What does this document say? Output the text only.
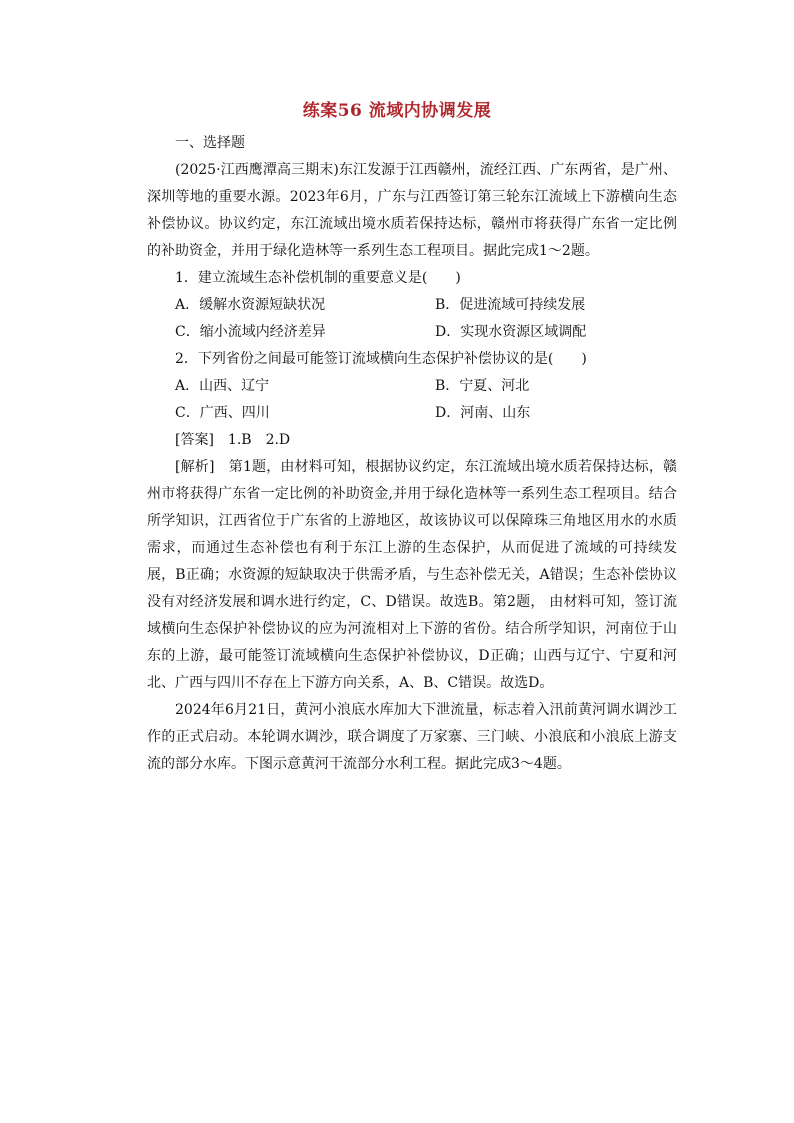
练案56 流域内协调发展
一、选择题
(2025·江西鹰潭高三期末)东江发源于江西赣州，流经江西、广东两省，是广州、深圳等地的重要水源。2023年6月，广东与江西签订第三轮东江流域上下游横向生态补偿协议。协议约定，东江流域出境水质若保持达标，赣州市将获得广东省一定比例的补助资金，并用于绿化造林等一系列生态工程项目。据此完成1～2题。
1．建立流域生态补偿机制的重要意义是(　　)
A．缓解水资源短缺状况	B．促进流域可持续发展
C．缩小流域内经济差异	D．实现水资源区域调配
2．下列省份之间最可能签订流域横向生态保护补偿协议的是(　　)
A．山西、辽宁	B．宁夏、河北
C．广西、四川	D．河南、山东
[答案]　1.B　2.D
[解析]　第1题，由材料可知，根据协议约定，东江流域出境水质若保持达标，赣州市将获得广东省一定比例的补助资金,并用于绿化造林等一系列生态工程项目。结合所学知识，江西省位于广东省的上游地区，故该协议可以保障珠三角地区用水的水质需求，而通过生态补偿也有利于东江上游的生态保护，从而促进了流域的可持续发展，B正确；水资源的短缺取决于供需矛盾，与生态补偿无关，A错误；生态补偿协议没有对经济发展和调水进行约定，C、D错误。故选B。第2题， 由材料可知，签订流域横向生态保护补偿协议的应为河流相对上下游的省份。结合所学知识，河南位于山东的上游，最可能签订流域横向生态保护补偿协议，D正确；山西与辽宁、宁夏和河北、广西与四川不存在上下游方向关系，A、B、C错误。故选D。
2024年6月21日，黄河小浪底水库加大下泄流量，标志着入汛前黄河调水调沙工作的正式启动。本轮调水调沙，联合调度了万家寨、三门峡、小浪底和小浪底上游支流的部分水库。下图示意黄河干流部分水利工程。据此完成3～4题。
